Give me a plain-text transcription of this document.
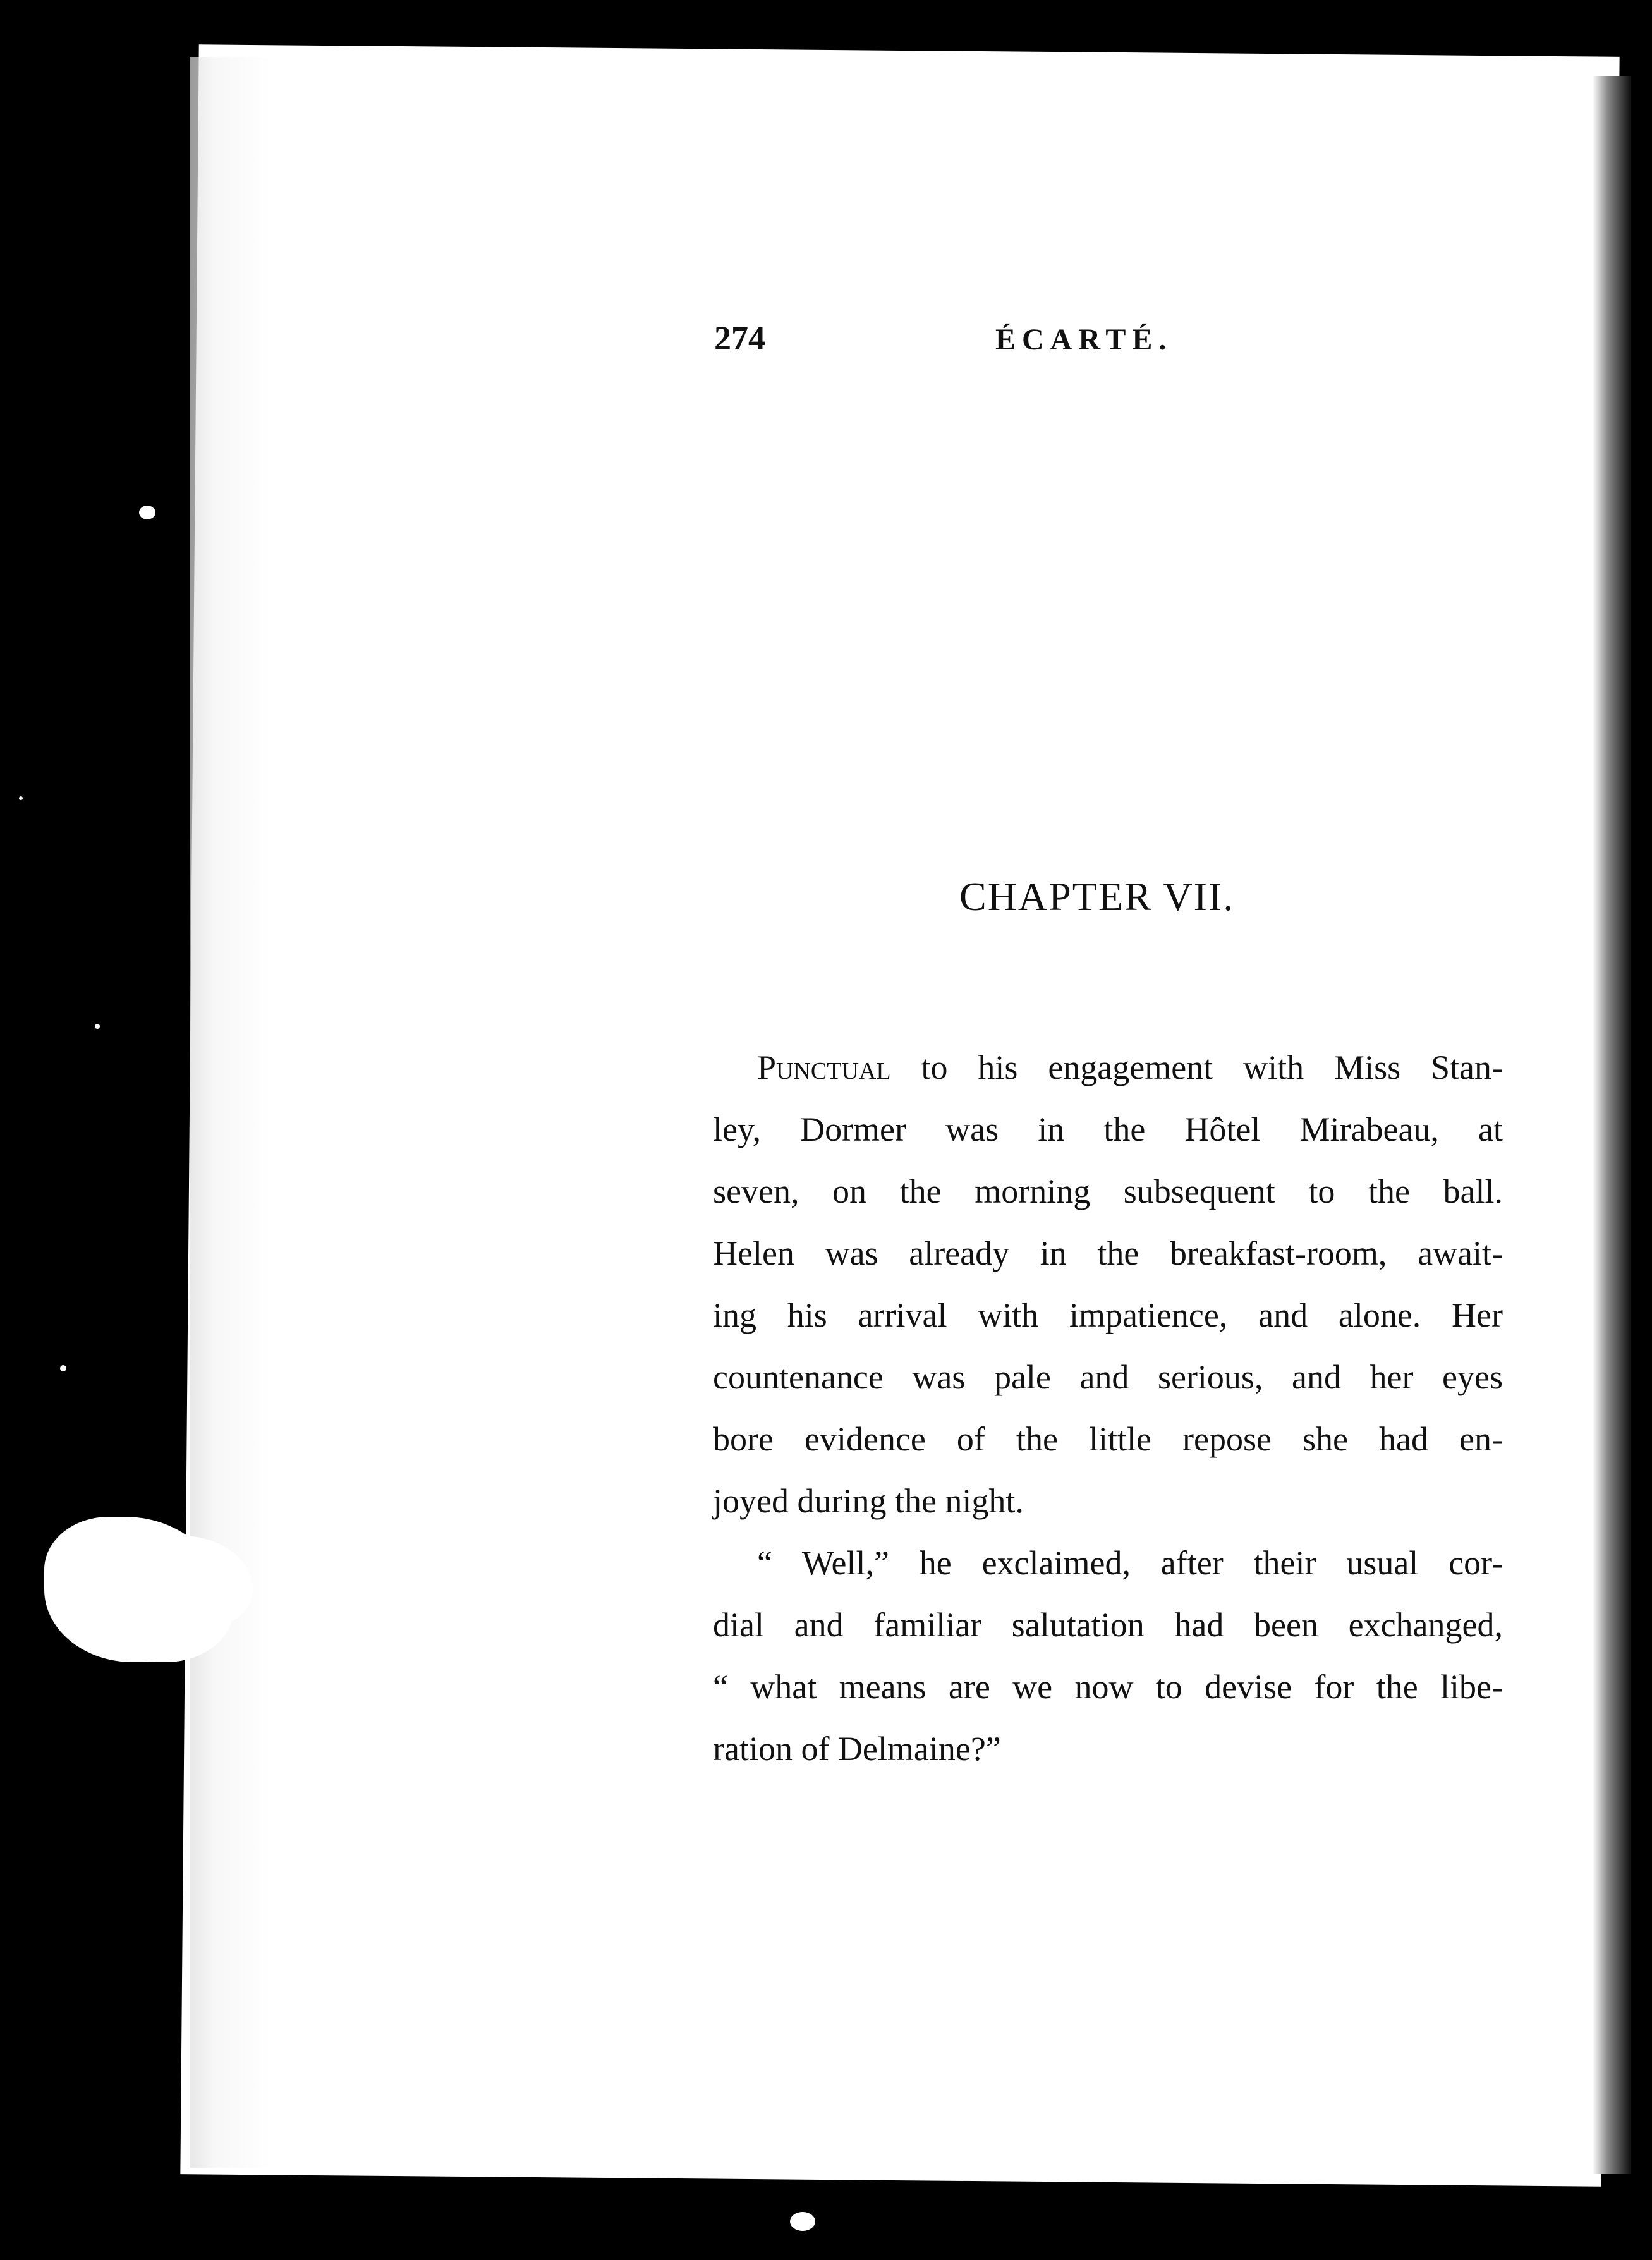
274	ÉCARTÉ.
CHAPTER VII.
Punctual to his engagement with Miss Stan-
ley, Dormer was in the Hôtel Mirabeau, at
seven, on the morning subsequent to the ball.
Helen was already in the breakfast-room, await-
ing his arrival with impatience, and alone. Her
countenance was pale and serious, and her eyes
bore evidence of the little repose she had en-
joyed during the night.
“ Well,” he exclaimed, after their usual cor-
dial and familiar salutation had been exchanged,
“ what means are we now to devise for the libe-
ration of Delmaine?”
